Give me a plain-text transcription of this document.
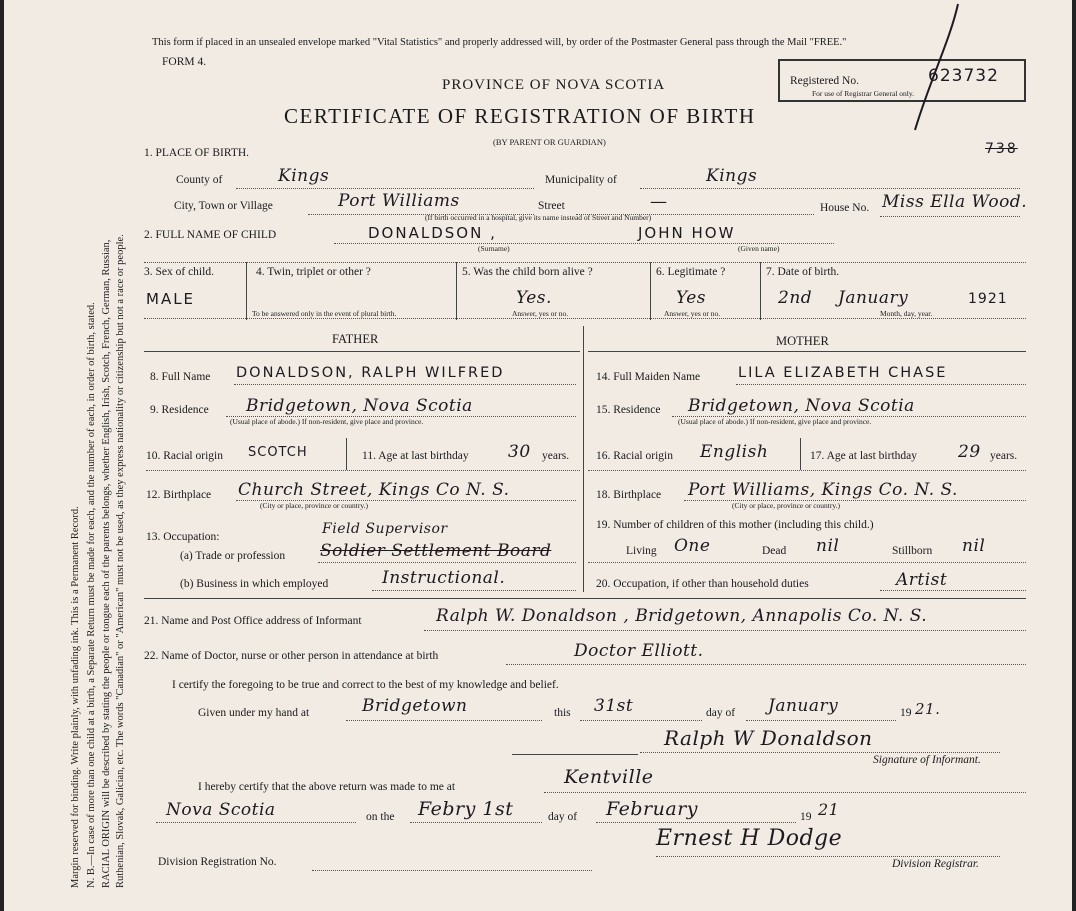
Margin reserved for binding. Write plainly, with unfading ink. This is a Permanent Record. N. B.—In case of more than one child at a birth, a Separate Return must be made for each, and the number of each, in order of birth, stated. RACIAL ORIGIN will be described by stating the people or tongue each of the parents belongs, whether English, Irish, Scotch, French, German, Russian, Ruthenian, Slovak, Galician, etc. The words "Canadian" or "American" must not be used, as they express nationality or citizenship but not a race or people.
This form if placed in an unsealed envelope marked "Vital Statistics" and properly addressed will, by order of the Postmaster General pass through the Mail "FREE."
FORM 4.
PROVINCE OF NOVA SCOTIA
CERTIFICATE OF REGISTRATION OF BIRTH
(BY PARENT OR GUARDIAN)
Registered No.	623732
For use of Registrar General only.
738
1. PLACE OF BIRTH.
County of	Kings	Municipality of	Kings
City, Town or Village	Port Williams	Street	—	House No. Miss Ella Wood.
(If birth occurred in a hospital, give its name instead of Street and Number)
2. FULL NAME OF CHILD	DONALDSON ,	JOHN HOW
(Surname)	(Given name)
3. Sex of child.
MALE
4. Twin, triplet or other ?
To be answered only in the event of plural birth.
5. Was the child born alive ?
Yes.
Answer, yes or no.
6. Legitimate ?
Yes
Answer, yes or no.
7. Date of birth.
2nd January	1921
Month, day, year.
FATHER	MOTHER
8. Full Name DONALDSON, RALPH WILFRED
9. Residence Bridgetown, Nova Scotia
(Usual place of abode.) If non-resident, give place and province.
10. Racial origin SCOTCH	11. Age at last birthday 30 years.
12. Birthplace Church Street, Kings Co N. S.
(City or place, province or country.)
13. Occupation:	Field Supervisor
(a) Trade or profession Soldier Settlement Board
(b) Business in which employed	Instructional.
14. Full Maiden Name	LILA ELIZABETH CHASE
15. Residence Bridgetown, Nova Scotia
(Usual place of abode.) If non-resident, give place and province.
16. Racial origin English	17. Age at last birthday 29 years.
18. Birthplace Port Williams, Kings Co. N. S.
(City or place, province or country.)
19. Number of children of this mother (including this child.)
Living One	Dead nil	Stillborn nil
20. Occupation, if other than household duties	Artist
21. Name and Post Office address of Informant	Ralph W. Donaldson , Bridgetown, Annapolis Co. N. S.
22. Name of Doctor, nurse or other person in attendance at birth	Doctor Elliott.
I certify the foregoing to be true and correct to the best of my knowledge and belief.
Given under my hand at	Bridgetown	this 31st	day of January	19 21.
Ralph W Donaldson
Signature of Informant.
I hereby certify that the above return was made to me at	Kentville
Nova Scotia	on the Febry 1st	day of February	19 21
Ernest H Dodge
Division Registration No.	Division Registrar.
